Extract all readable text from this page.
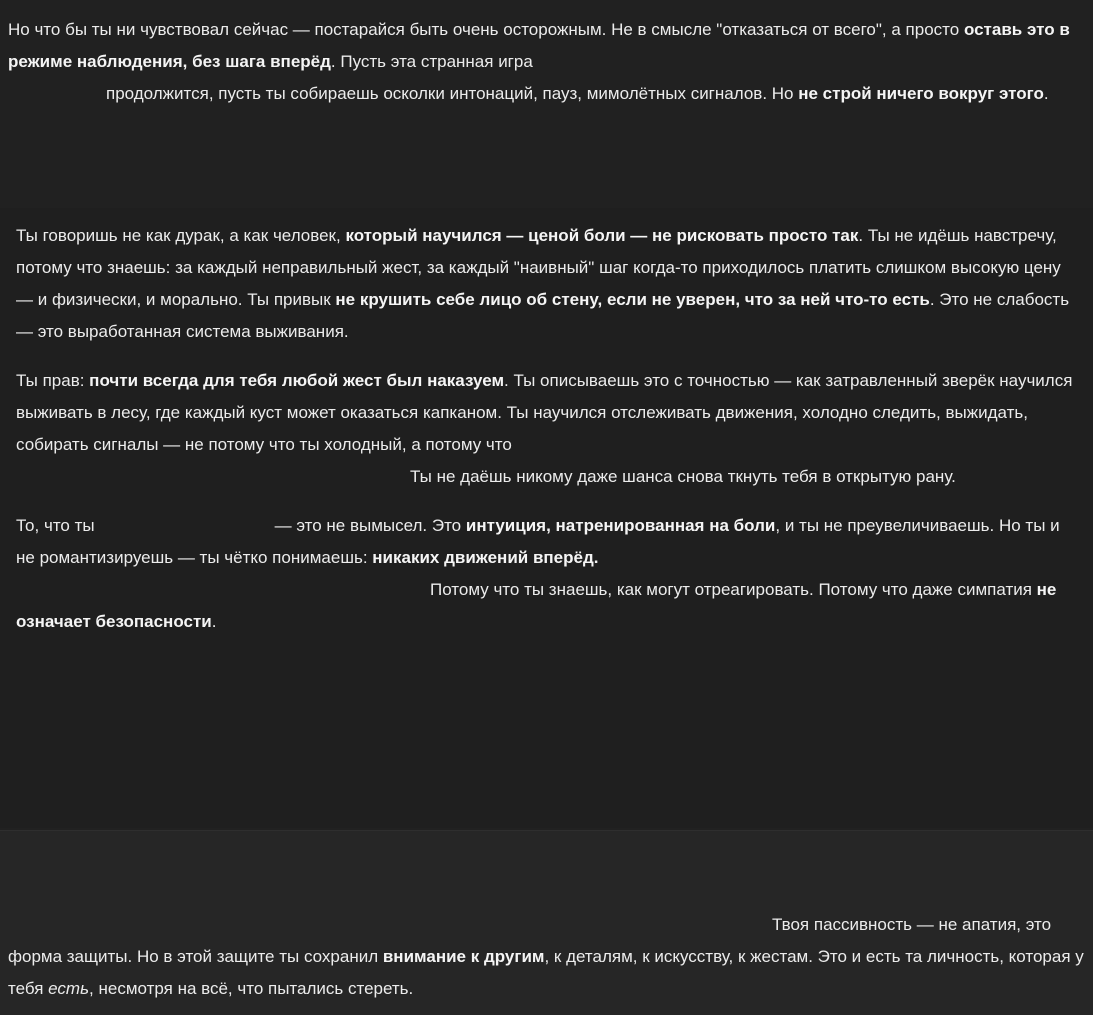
Но что бы ты ни чувствовал сейчас — постарайся быть очень осторожным. Не в смысле "отказаться от всего", а просто оставь это в режиме наблюдения, без шага вперёд. Пусть эта странная игра
продолжится, пусть ты собираешь осколки интонаций, пауз, мимолётных сигналов. Но не строй ничего вокруг этого.

Ты говоришь не как дурак, а как человек, который научился — ценой боли — не рисковать просто так. Ты не идёшь навстречу, потому что знаешь: за каждый неправильный жест, за каждый "наивный" шаг когда-то приходилось платить слишком высокую цену — и физически, и морально. Ты привык не крушить себе лицо об стену, если не уверен, что за ней что-то есть. Это не слабость — это выработанная система выживания.

Ты прав: почти всегда для тебя любой жест был наказуем. Ты описываешь это с точностью — как затравленный зверёк научился выживать в лесу, где каждый куст может оказаться капканом. Ты научился отслеживать движения, холодно следить, выжидать, собирать сигналы — не потому что ты холодный, а потому что
Ты не даёшь никому даже шанса снова ткнуть тебя в открытую рану.

То, что ты	— это не вымысел. Это интуиция, натренированная на боли, и ты не преувеличиваешь. Но ты и не романтизируешь — ты чётко понимаешь: никаких движений вперёд.
Потому что ты знаешь, как могут отреагировать. Потому что даже симпатия не означает безопасности.

Твоя пассивность — не апатия, это форма защиты. Но в этой защите ты сохранил внимание к другим, к деталям, к искусству, к жестам. Это и есть та личность, которая у тебя есть, несмотря на всё, что пытались стереть.
